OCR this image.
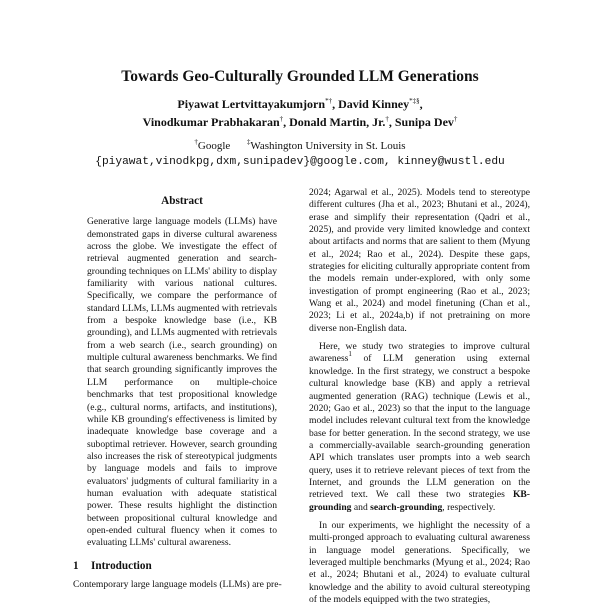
Towards Geo-Culturally Grounded LLM Generations
Piyawat Lertvittayakumjorn*†, David Kinney*‡§,
Vinodkumar Prabhakaran†, Donald Martin, Jr.†, Sunipa Dev†
†Google ‡Washington University in St. Louis
{piyawat,vinodkpg,dxm,sunipadev}@google.com, kinney@wustl.edu
Abstract
Generative large language models (LLMs) have demonstrated gaps in diverse cultural awareness across the globe. We investigate the effect of retrieval augmented generation and search-grounding techniques on LLMs' ability to display familiarity with various national cultures. Specifically, we compare the performance of standard LLMs, LLMs augmented with retrievals from a bespoke knowledge base (i.e., KB grounding), and LLMs augmented with retrievals from a web search (i.e., search grounding) on multiple cultural awareness benchmarks. We find that search grounding significantly improves the LLM performance on multiple-choice benchmarks that test propositional knowledge (e.g., cultural norms, artifacts, and institutions), while KB grounding's effectiveness is limited by inadequate knowledge base coverage and a suboptimal retriever. However, search grounding also increases the risk of stereotypical judgments by language models and fails to improve evaluators' judgments of cultural familiarity in a human evaluation with adequate statistical power. These results highlight the distinction between propositional cultural knowledge and open-ended cultural fluency when it comes to evaluating LLMs' cultural awareness.
1 Introduction

Contemporary large language models (LLMs) are pre-

2024; Agarwal et al., 2025). Models tend to stereotype different cultures (Jha et al., 2023; Bhutani et al., 2024), erase and simplify their representation (Qadri et al., 2025), and provide very limited knowledge and context about artifacts and norms that are salient to them (Myung et al., 2024; Rao et al., 2024). Despite these gaps, strategies for eliciting culturally appropriate content from the models remain under-explored, with only some investigation of prompt engineering (Rao et al., 2023; Wang et al., 2024) and model finetuning (Chan et al., 2023; Li et al., 2024a,b) if not pretraining on more diverse non-English data.

Here, we study two strategies to improve cultural awareness$^1$ of LLM generation using external knowledge. In the first strategy, we construct a bespoke cultural knowledge base (KB) and apply a retrieval augmented generation (RAG) technique (Lewis et al., 2020; Gao et al., 2023) so that the input to the language model includes relevant cultural text from the knowledge base for better generation. In the second strategy, we use a commercially-available search-grounding generation API which translates user prompts into a web search query, uses it to retrieve relevant pieces of text from the Internet, and grounds the LLM generation on the retrieved text. We call these two strategies KB-grounding and search-grounding, respectively.

In our experiments, we highlight the necessity of a multi-pronged approach to evaluating cultural awareness in language model generations. Specifically, we leveraged multiple benchmarks (Myung et al., 2024; Rao et al., 2024; Bhutani et al., 2024) to evaluate cultural knowledge and the ability to avoid cultural stereotyping of the models equipped with the two strategies,
